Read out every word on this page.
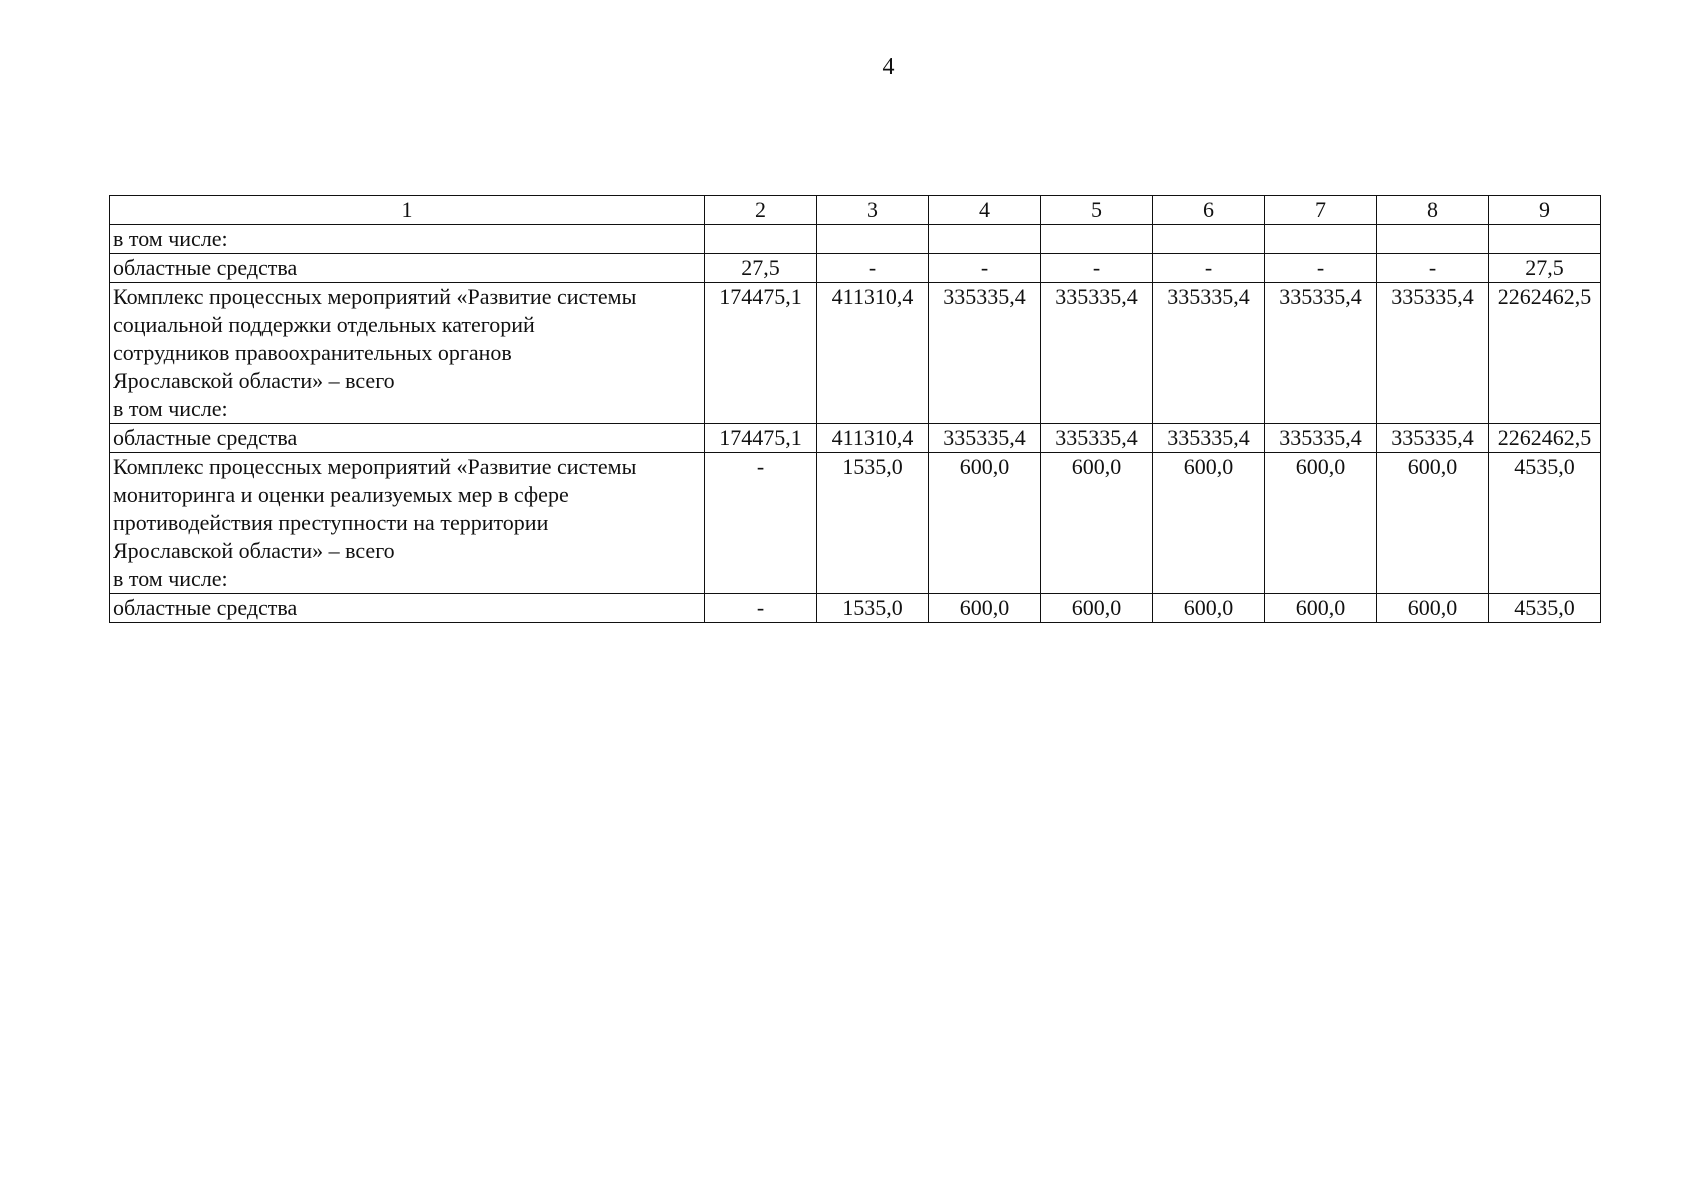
4
1	2	3	4	5	6	7	8	9

в том числе:								

областные средства	27,5	-	-	-	-	-	-	27,5

Комплекс процессных мероприятий «Развитие системы
социальной поддержки отдельных категорий
сотрудников правоохранительных органов
Ярославской области» – всего
в том числе:	174475,1	411310,4	335335,4	335335,4	335335,4	335335,4	335335,4	2262462,5

областные средства	174475,1	411310,4	335335,4	335335,4	335335,4	335335,4	335335,4	2262462,5

Комплекс процессных мероприятий «Развитие системы
мониторинга и оценки реализуемых мер в сфере
противодействия преступности на территории
Ярославской области» – всего
в том числе:	-	1535,0	600,0	600,0	600,0	600,0	600,0	4535,0

областные средства	-	1535,0	600,0	600,0	600,0	600,0	600,0	4535,0
